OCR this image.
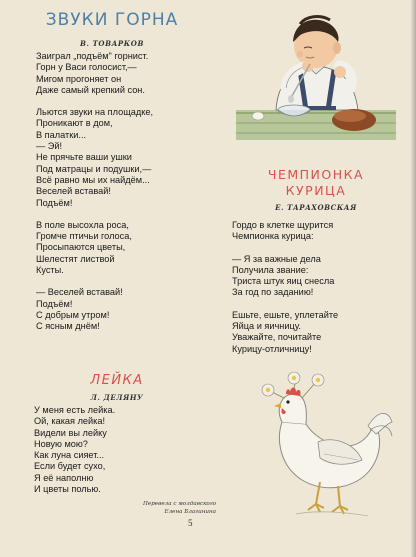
ЗВУКИ ГОРНА
В. ТОВАРКОВ
Заиграл „подъём" горнист.
Горн у Васи голосист,—
Мигом прогоняет он
Даже самый крепкий сон.
Льются звуки на площадке,
Проникают в дом,
В палатки...
— Эй!
Не прячьте ваши ушки
Под матрацы и подушки,—
Всё равно мы их найдём...
Веселей вставай!
Подъём!
В поле высохла роса,
Громче птичьи голоса,
Просыпаются цветы,
Шелестят листвой
Кусты.
— Веселей вставай!
Подъём!
С добрым утром!
С ясным днём!
ЛЕЙКА
Л. ДЕЛЯНУ
У меня есть лейка.
Ой, какая лейка!
Видели вы лейку
Новую мою?
Как луна сияет...
Если будет сухо,
Я её наполню
И цветы полью.
Перевела с молдавского
Елена Благинина
5
ЧЕМПИОНКА
КУРИЦА
Е. ТАРАХОВСКАЯ
Гордо в клетке щурится
Чемпионка курица:
— Я за важные дела
Получила звание:
Триста штук яиц снесла
За год по заданию!
Ешьте, ешьте, уплетайте
Яйца и яичницу.
Уважайте, почитайте
Курицу-отличницу!
